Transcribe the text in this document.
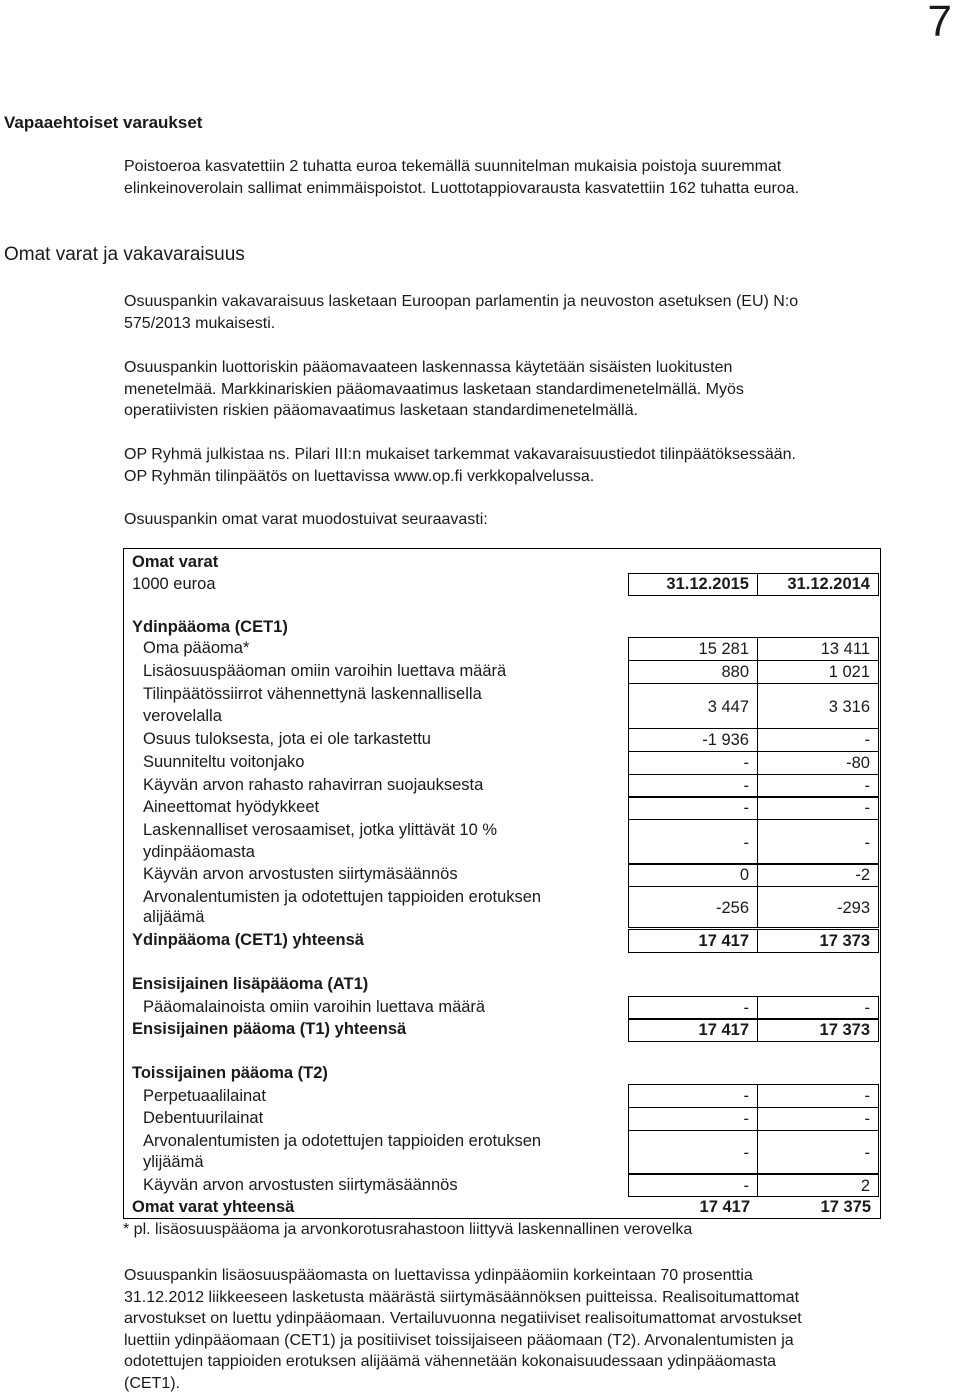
7
Vapaaehtoiset varaukset
Poistoeroa kasvatettiin 2 tuhatta euroa tekemällä suunnitelman mukaisia poistoja suuremmat
elinkeinoverolain sallimat enimmäispoistot. Luottotappiovarausta kasvatettiin 162 tuhatta euroa.
Omat varat ja vakavaraisuus
Osuuspankin vakavaraisuus lasketaan Euroopan parlamentin ja neuvoston asetuksen (EU) N:o
575/2013 mukaisesti.
Osuuspankin luottoriskin pääomavaateen laskennassa käytetään sisäisten luokitusten
menetelmää. Markkinariskien pääomavaatimus lasketaan standardimenetelmällä. Myös
operatiivisten riskien pääomavaatimus lasketaan standardimenetelmällä.
OP Ryhmä julkistaa ns. Pilari III:n mukaiset tarkemmat vakavaraisuustiedot tilinpäätöksessään.
OP Ryhmän tilinpäätös on luettavissa www.op.fi verkkopalvelussa.
Osuuspankin omat varat muodostuivat seuraavasti:
Omat varat
1000 euroa	31.12.2015	31.12.2014
Ydinpääoma (CET1)
Oma pääoma*	15 281	13 411
Lisäosuuspääoman omiin varoihin luettava määrä	880	1 021
Tilinpäätössiirrot vähennettynä laskennallisella
verovelalla	3 447	3 316
Osuus tuloksesta, jota ei ole tarkastettu	-1 936	-
Suunniteltu voitonjako	-	-80
Käyvän arvon rahasto rahavirran suojauksesta	-	-
Aineettomat hyödykkeet	-	-
Laskennalliset verosaamiset, jotka ylittävät 10 %
ydinpääomasta	-	-
Käyvän arvon arvostusten siirtymäsäännös	0	-2
Arvonalentumisten ja odotettujen tappioiden erotuksen
alijäämä	-256	-293
Ydinpääoma (CET1) yhteensä	17 417	17 373
Ensisijainen lisäpääoma (AT1)
Pääomalainoista omiin varoihin luettava määrä	-	-
Ensisijainen pääoma (T1) yhteensä	17 417	17 373
Toissijainen pääoma (T2)
Perpetuaalilainat	-	-
Debentuurilainat	-	-
Arvonalentumisten ja odotettujen tappioiden erotuksen
ylijäämä	-	-
Käyvän arvon arvostusten siirtymäsäännös	-	2
Omat varat yhteensä	17 417	17 375
* pl. lisäosuuspääoma ja arvonkorotusrahastoon liittyvä laskennallinen verovelka
Osuuspankin lisäosuuspääomasta on luettavissa ydinpääomiin korkeintaan 70 prosenttia
31.12.2012 liikkeeseen lasketusta määrästä siirtymäsäännöksen puitteissa. Realisoitumattomat
arvostukset on luettu ydinpääomaan. Vertailuvuonna negatiiviset realisoitumattomat arvostukset
luettiin ydinpääomaan (CET1) ja positiiviset toissijaiseen pääomaan (T2). Arvonalentumisten ja
odotettujen tappioiden erotuksen alijäämä vähennetään kokonaisuudessaan ydinpääomasta
(CET1).
